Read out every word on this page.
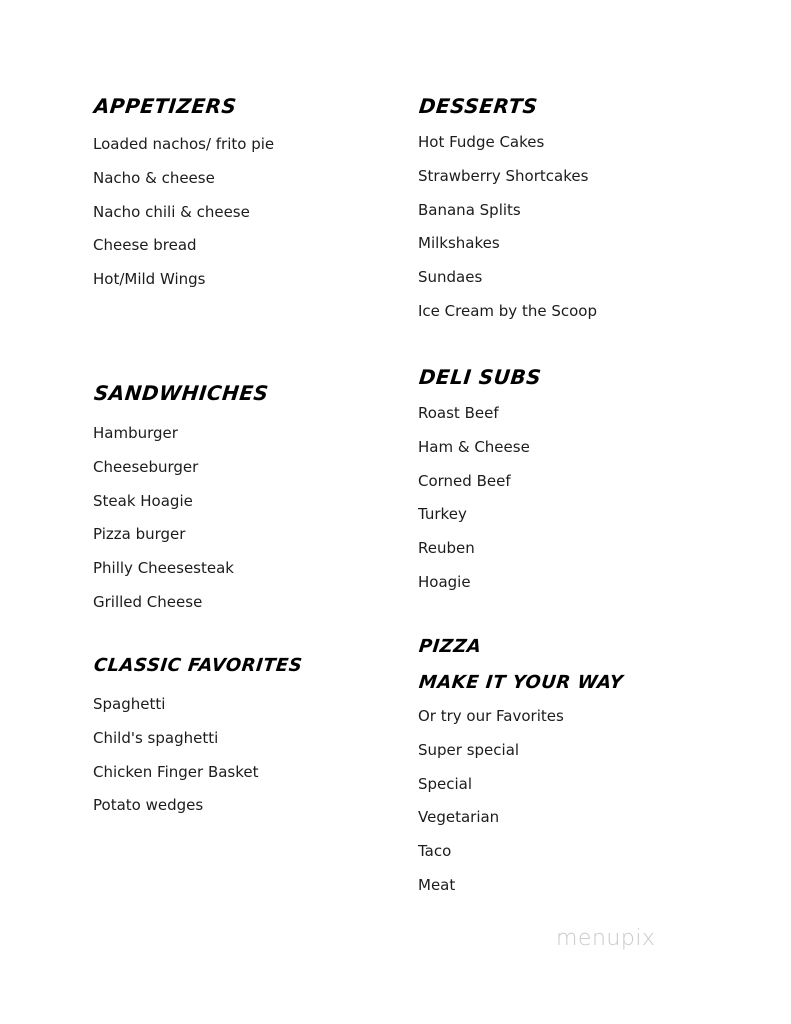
APPETIZERS
Loaded nachos/ frito pie
Nacho & cheese
Nacho chili & cheese
Cheese bread
Hot/Mild Wings
SANDWHICHES
Hamburger
Cheeseburger
Steak Hoagie
Pizza burger
Philly Cheesesteak
Grilled Cheese
CLASSIC FAVORITES
Spaghetti
Child's spaghetti
Chicken Finger Basket
Potato wedges
DESSERTS
Hot Fudge Cakes
Strawberry Shortcakes
Banana Splits
Milkshakes
Sundaes
Ice Cream by the Scoop
DELI SUBS
Roast Beef
Ham & Cheese
Corned Beef
Turkey
Reuben
Hoagie
PIZZA
MAKE IT YOUR WAY
Or try our Favorites
Super special
Special
Vegetarian
Taco
Meat
menupix
